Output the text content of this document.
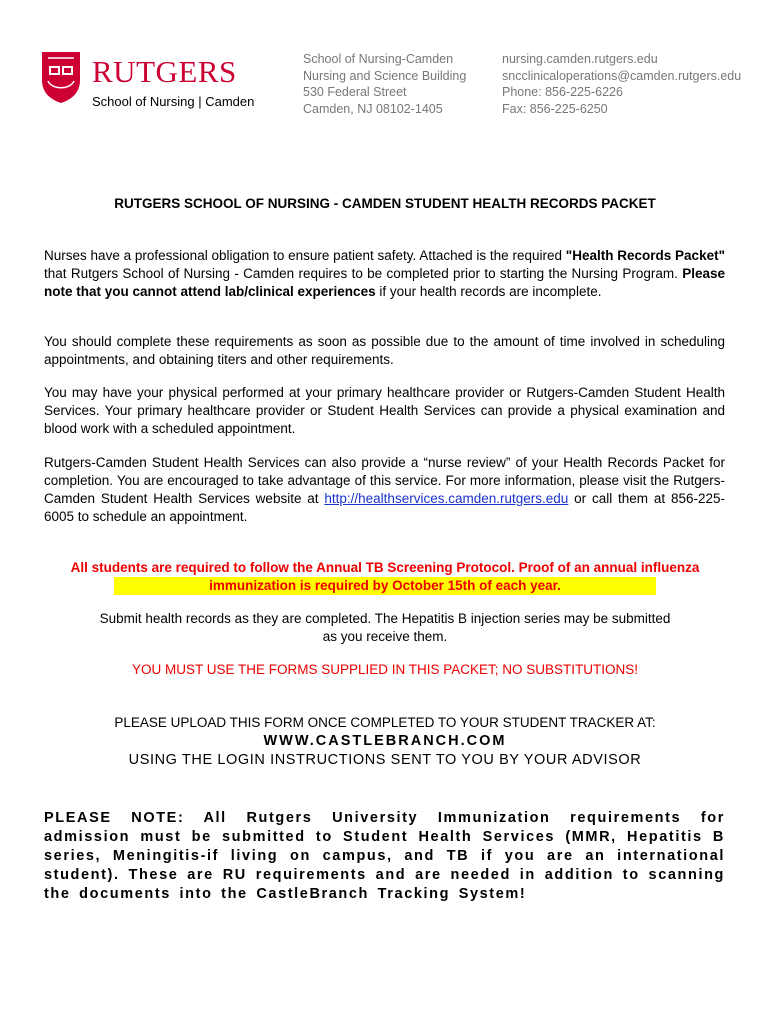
RUTGERS
School of Nursing | Camden
School of Nursing-Camden
Nursing and Science Building
530 Federal Street
Camden, NJ 08102-1405
nursing.camden.rutgers.edu
sncclinicaloperations@camden.rutgers.edu
Phone: 856-225-6226
Fax: 856-225-6250
RUTGERS SCHOOL OF NURSING - CAMDEN STUDENT HEALTH RECORDS PACKET
Nurses have a professional obligation to ensure patient safety. Attached is the required "Health Records Packet" that Rutgers School of Nursing - Camden requires to be completed prior to starting the Nursing Program. Please note that you cannot attend lab/clinical experiences if your health records are incomplete.
You should complete these requirements as soon as possible due to the amount of time involved in scheduling appointments, and obtaining titers and other requirements.
You may have your physical performed at your primary healthcare provider or Rutgers-Camden Student Health Services. Your primary healthcare provider or Student Health Services can provide a physical examination and blood work with a scheduled appointment.
Rutgers-Camden Student Health Services can also provide a “nurse review” of your Health Records Packet for completion. You are encouraged to take advantage of this service. For more information, please visit the Rutgers-Camden Student Health Services website at http://healthservices.camden.rutgers.edu or call them at 856-225-6005 to schedule an appointment.
All students are required to follow the Annual TB Screening Protocol. Proof of an annual influenza
immunization is required by October 15th of each year.
Submit health records as they are completed. The Hepatitis B injection series may be submitted
as you receive them.
YOU MUST USE THE FORMS SUPPLIED IN THIS PACKET; NO SUBSTITUTIONS!
PLEASE UPLOAD THIS FORM ONCE COMPLETED TO YOUR STUDENT TRACKER AT:
WWW.CASTLEBRANCH.COM
USING THE LOGIN INSTRUCTIONS SENT TO YOU BY YOUR ADVISOR
PLEASE NOTE: All Rutgers University Immunization requirements for admission must be submitted to Student Health Services (MMR, Hepatitis B series, Meningitis-if living on campus, and TB if you are an international student). These are RU requirements and are needed in addition to scanning the documents into the CastleBranch Tracking System!
